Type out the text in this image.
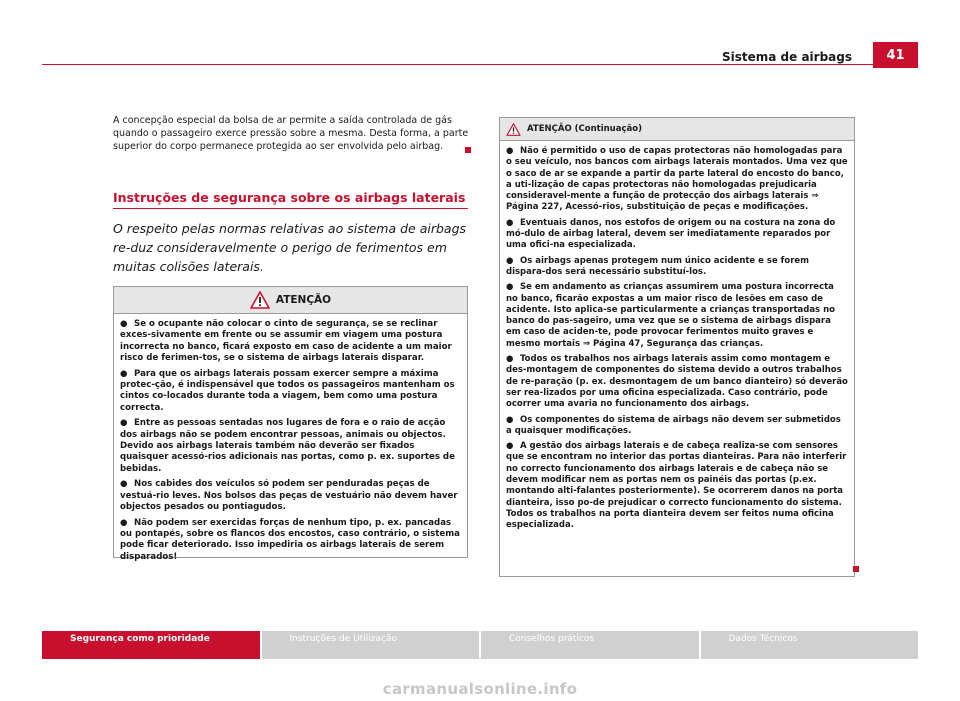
41
Sistema de airbags

A concepção especial da bolsa de ar permite a saída controlada de gás quando o passageiro exerce pressão sobre a mesma. Desta forma, a parte superior do corpo permanece protegida ao ser envolvida pelo airbag.

Instruções de segurança sobre os airbags laterais

O respeito pelas normas relativas ao sistema de airbags re-duz consideravelmente o perigo de ferimentos em muitas colisões laterais.

ATENÇÃO

● Se o ocupante não colocar o cinto de segurança, se se reclinar exces-sivamente em frente ou se assumir em viagem uma postura incorrecta no banco, ficará exposto em caso de acidente a um maior risco de ferimen-tos, se o sistema de airbags laterais disparar.

● Para que os airbags laterais possam exercer sempre a máxima protec-ção, é indispensável que todos os passageiros mantenham os cintos co-locados durante toda a viagem, bem como uma postura correcta.

● Entre as pessoas sentadas nos lugares de fora e o raio de acção dos airbags não se podem encontrar pessoas, animais ou objectos. Devido aos airbags laterais também não deverão ser fixados quaisquer acessó-rios adicionais nas portas, como p. ex. suportes de bebidas.

● Nos cabides dos veículos só podem ser penduradas peças de vestuá-rio leves. Nos bolsos das peças de vestuário não devem haver objectos pesados ou pontiagudos.

● Não podem ser exercidas forças de nenhum tipo, p. ex. pancadas ou pontapés, sobre os flancos dos encostos, caso contrário, o sistema pode ficar deteriorado. Isso impediria os airbags laterais de serem disparados!

ATENÇÃO (Continuação)

● Não é permitido o uso de capas protectoras não homologadas para o seu veículo, nos bancos com airbags laterais montados. Uma vez que o saco de ar se expande a partir da parte lateral do encosto do banco, a uti-lização de capas protectoras não homologadas prejudicaria consideravel-mente a função de protecção dos airbags laterais ⇒ Página 227, Acessó-rios, substituição de peças e modificações.

● Eventuais danos, nos estofos de origem ou na costura na zona do mó-dulo de airbag lateral, devem ser imediatamente reparados por uma ofici-na especializada.

● Os airbags apenas protegem num único acidente e se forem dispara-dos será necessário substituí-los.

● Se em andamento as crianças assumirem uma postura incorrecta no banco, ficarão expostas a um maior risco de lesões em caso de acidente. Isto aplica-se particularmente a crianças transportadas no banco do pas-sageiro, uma vez que se o sistema de airbags dispara em caso de aciden-te, pode provocar ferimentos muito graves e mesmo mortais ⇒ Página 47, Segurança das crianças.

● Todos os trabalhos nos airbags laterais assim como montagem e des-montagem de componentes do sistema devido a outros trabalhos de re-paração (p. ex. desmontagem de um banco dianteiro) só deverão ser rea-lizados por uma oficina especializada. Caso contrário, pode ocorrer uma avaria no funcionamento dos airbags.

● Os componentes do sistema de airbags não devem ser submetidos a quaisquer modificações.

● A gestão dos airbags laterais e de cabeça realiza-se com sensores que se encontram no interior das portas dianteiras. Para não interferir no correcto funcionamento dos airbags laterais e de cabeça não se devem modificar nem as portas nem os painéis das portas (p.ex. montando alti-falantes posteriormente). Se ocorrerem danos na porta dianteira, isso po-de prejudicar o correcto funcionamento do sistema. Todos os trabalhos na porta dianteira devem ser feitos numa oficina especializada.

Segurança como prioridade	Instruções de Utilização	Conselhos práticos	Dados Técnicos
carmanualsonline.info
